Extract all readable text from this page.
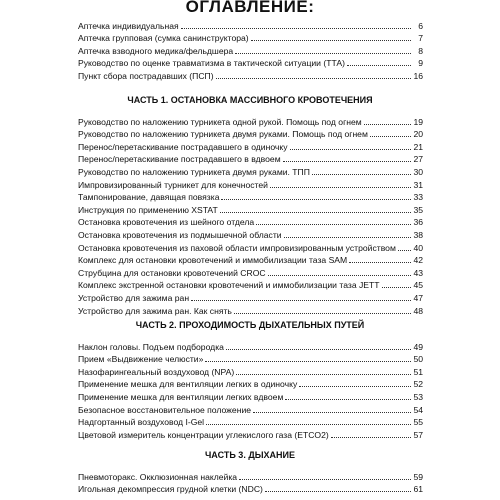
ОГЛАВЛЕНИЕ:
Аптечка индивидуальная	6
Аптечка групповая (сумка санинструктора)	7
Аптечка взводного медика/фельдшера	8
Руководство по оценке травматизма в тактической ситуации (ТТА)	9
Пункт сбора пострадавших (ПСП)	16
ЧАСТЬ 1. ОСТАНОВКА МАССИВНОГО КРОВОТЕЧЕНИЯ
Руководство по наложению турникета одной рукой. Помощь под огнем	19
Руководство по наложению турникета двумя руками. Помощь под огнем	20
Перенос/перетаскивание пострадавшего в одиночку	21
Перенос/перетаскивание пострадавшего в вдвоем	27
Руководство по наложению турникета двумя руками. ТПП	30
Импровизированный турникет для конечностей	31
Тампонирование, давящая повязка	33
Инструкция по применению XSTAT	35
Остановка кровотечения из шейного отдела	36
Остановка кровотечения из подмышечной области	38
Остановка кровотечения из паховой области импровизированным устройством 40
Комплекс для остановки кровотечений и иммобилизации таза SAM	42
Струбцина для остановки кровотечений CROC	43
Комплекс экстренной остановки кровотечений и иммобилизации таза JETT	45
Устройство для зажима ран	47
Устройство для зажима ран. Как снять	48
ЧАСТЬ 2. ПРОХОДИМОСТЬ ДЫХАТЕЛЬНЫХ ПУТЕЙ
Наклон головы. Подъем подбородка	49
Прием «Выдвижение челюсти»	50
Назофарингеальный воздуховод (NPA)	51
Применение мешка для вентиляции легких в одиночку	52
Применение мешка для вентиляции легких вдвоем	53
Безопасное восстановительное положение	54
Надгортанный воздуховод I-Gel	55
Цветовой измеритель концентрации углекислого газа (ETCO2)	57
ЧАСТЬ 3. ДЫХАНИЕ
Пневмоторакс. Окклюзионная наклейка	59
Игольная декомпрессия грудной клетки (NDC)	61
